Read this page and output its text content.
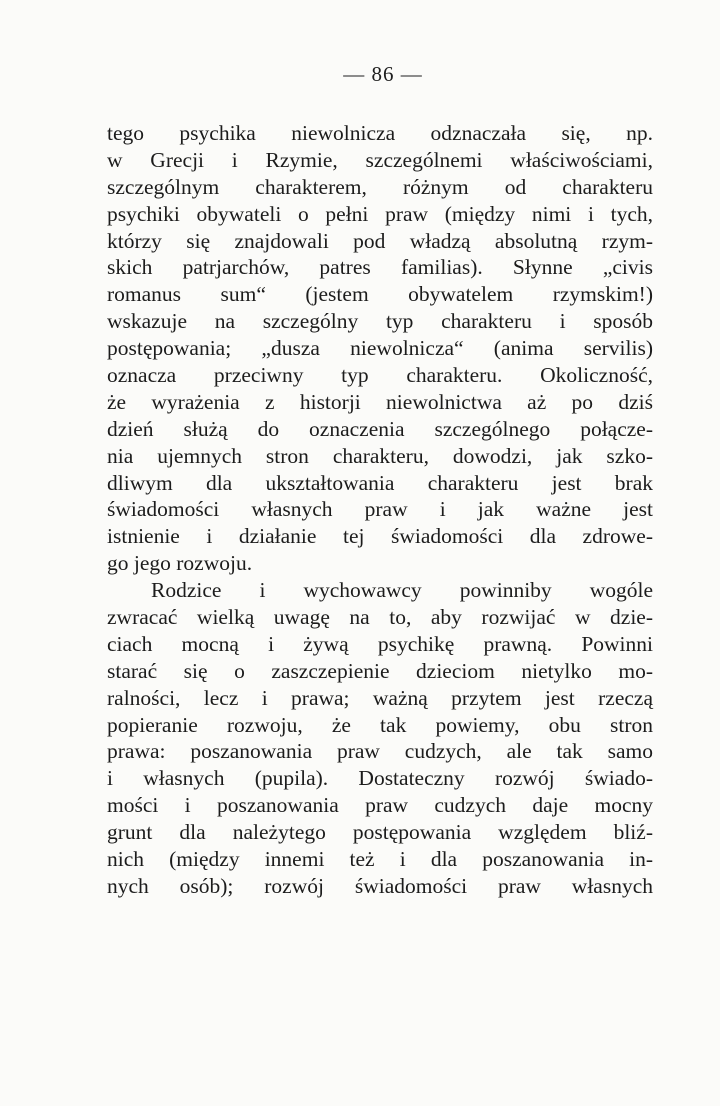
— 86 —

tego psychika niewolnicza odznaczała się, np.
w Grecji i Rzymie, szczególnemi właściwościami,
szczególnym charakterem, różnym od charakteru
psychiki obywateli o pełni praw (między nimi i tych,
którzy się znajdowali pod władzą absolutną rzym-
skich patrjarchów, patres familias). Słynne „civis
romanus sum“ (jestem obywatelem rzymskim!)
wskazuje na szczególny typ charakteru i sposób
postępowania; „dusza niewolnicza“ (anima servilis)
oznacza przeciwny typ charakteru. Okoliczność,
że wyrażenia z historji niewolnictwa aż po dziś
dzień służą do oznaczenia szczególnego połącze-
nia ujemnych stron charakteru, dowodzi, jak szko-
dliwym dla ukształtowania charakteru jest brak
świadomości własnych praw i jak ważne jest
istnienie i działanie tej świadomości dla zdrowe-
go jego rozwoju.
Rodzice i wychowawcy powinniby wogóle
zwracać wielką uwagę na to, aby rozwijać w dzie-
ciach mocną i żywą psychikę prawną. Powinni
starać się o zaszczepienie dzieciom nietylko mo-
ralności, lecz i prawa; ważną przytem jest rzeczą
popieranie rozwoju, że tak powiemy, obu stron
prawa: poszanowania praw cudzych, ale tak samo
i własnych (pupila). Dostateczny rozwój świado-
mości i poszanowania praw cudzych daje mocny
grunt dla należytego postępowania względem bliź-
nich (między innemi też i dla poszanowania in-
nych osób); rozwój świadomości praw własnych
